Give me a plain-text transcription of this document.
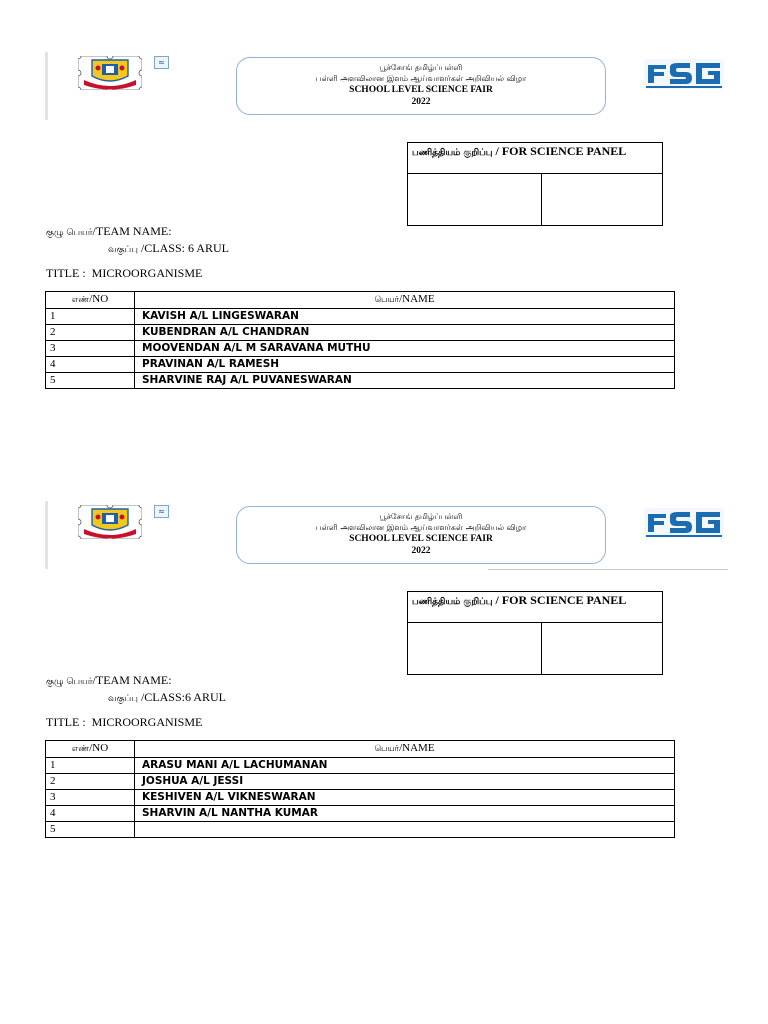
≈
பூச்சோங் தமிழ்ப்பள்ளி
பள்ளி அளவிலான இளம் ஆய்வாளர்கள் அறிவியல் விழா
SCHOOL LEVEL SCIENCE FAIR
2022
பணித்தியம் குறிப்பு / FOR SCIENCE PANEL
குழு பெயர்/TEAM NAME:
வகுப்பு /CLASS: 6 ARUL
TITLE : MICROORGANISME
எண்/NO	பெயர்/NAME
1	KAVISH A/L LINGESWARAN
2	KUBENDRAN A/L CHANDRAN
3	MOOVENDAN A/L M SARAVANA MUTHU
4	PRAVINAN A/L RAMESH
5	SHARVINE RAJ A/L PUVANESWARAN
≈
பூச்சோங் தமிழ்ப்பள்ளி
பள்ளி அளவிலான இளம் ஆய்வாளர்கள் அறிவியல் விழா
SCHOOL LEVEL SCIENCE FAIR
2022
பணித்தியம் குறிப்பு / FOR SCIENCE PANEL
குழு பெயர்/TEAM NAME:
வகுப்பு /CLASS:6 ARUL
TITLE : MICROORGANISME
எண்/NO	பெயர்/NAME
1	ARASU MANI A/L LACHUMANAN
2	JOSHUA A/L JESSI
3	KESHIVEN A/L VIKNESWARAN
4	SHARVIN A/L NANTHA KUMAR
5	
